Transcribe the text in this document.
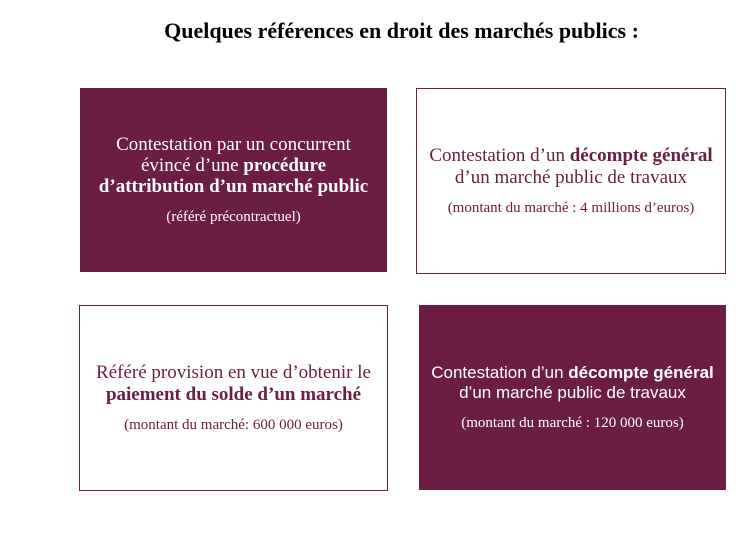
Quelques références en droit des marchés publics :
Contestation par un concurrent évincé d’une procédure d’attribution d’un marché public
(référé précontractuel)
Contestation d’un décompte général d’un marché public de travaux
(montant du marché : 4 millions d’euros)
Référé provision en vue d’obtenir le paiement du solde d’un marché
(montant du marché: 600 000 euros)
Contestation d’un décompte général d’un marché public de travaux
(montant du marché : 120 000 euros)
